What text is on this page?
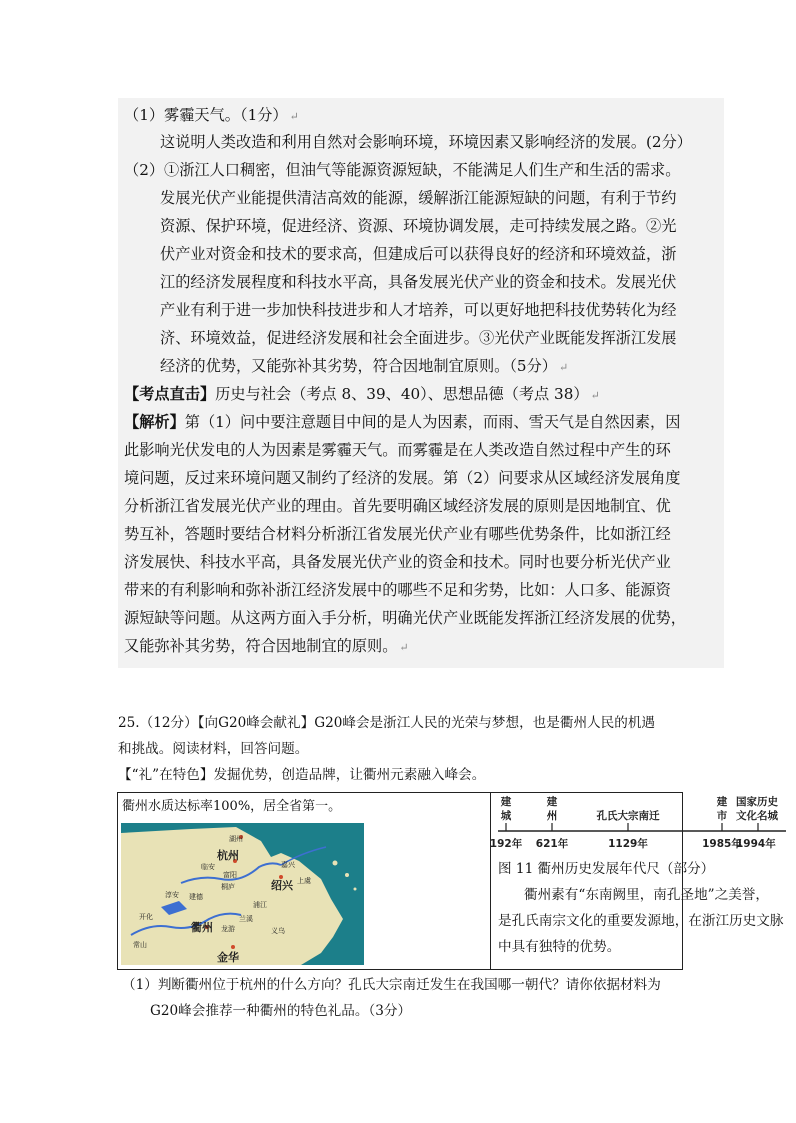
（1）雾霾天气。（1分） ↵
这说明人类改造和利用自然对会影响环境，环境因素又影响经济的发展。(2分）
（2）①浙江人口稠密，但油气等能源资源短缺，不能满足人们生产和生活的需求。
发展光伏产业能提供清洁高效的能源，缓解浙江能源短缺的问题，有利于节约
资源、保护环境，促进经济、资源、环境协调发展，走可持续发展之路。②光
伏产业对资金和技术的要求高，但建成后可以获得良好的经济和环境效益，浙
江的经济发展程度和科技水平高，具备发展光伏产业的资金和技术。发展光伏
产业有利于进一步加快科技进步和人才培养，可以更好地把科技优势转化为经
济、环境效益，促进经济发展和社会全面进步。③光伏产业既能发挥浙江发展
经济的优势，又能弥补其劣势，符合因地制宜原则。（5分） ↵
【考点直击】历史与社会（考点 8、39、40）、思想品德（考点 38） ↵
【解析】第（1）问中要注意题目中间的是人为因素，而雨、雪天气是自然因素，因
此影响光伏发电的人为因素是雾霾天气。而雾霾是在人类改造自然过程中产生的环
境问题，反过来环境问题又制约了经济的发展。第（2）问要求从区域经济发展角度
分析浙江省发展光伏产业的理由。首先要明确区域经济发展的原则是因地制宜、优
势互补，答题时要结合材料分析浙江省发展光伏产业有哪些优势条件，比如浙江经
济发展快、科技水平高，具备发展光伏产业的资金和技术。同时也要分析光伏产业
带来的有利影响和弥补浙江经济发展中的哪些不足和劣势，比如：人口多、能源资
源短缺等问题。从这两方面入手分析，明确光伏产业既能发挥浙江经济发展的优势，
又能弥补其劣势，符合因地制宜的原则。 ↵
25.（12分）【向G20峰会献礼】G20峰会是浙江人民的光荣与梦想，也是衢州人民的机遇
和挑战。阅读材料，回答问题。
【“礼”在特色】发掘优势，创造品牌，让衢州元素融入峰会。
衢州水质达标率100%，居全省第一。
湖州
杭州
嘉兴
绍兴
富阳
临安
淳安 建德
衢州
金华
开化
常山
龙游
兰溪
义乌
上虞
桐庐
浦江
建
城
192年
建
州
621年
孔氏大宗南迁
1129年
建
市
1985年
国家历史
文化名城
1994年
图 11 衢州历史发展年代尺（部分）
衢州素有“东南阙里，南孔圣地”之美誉，
是孔氏南宗文化的重要发源地，在浙江历史文脉
中具有独特的优势。
（1）判断衢州位于杭州的什么方向？孔氏大宗南迁发生在我国哪一朝代？请你依据材料为
G20峰会推荐一种衢州的特色礼品。（3分）
